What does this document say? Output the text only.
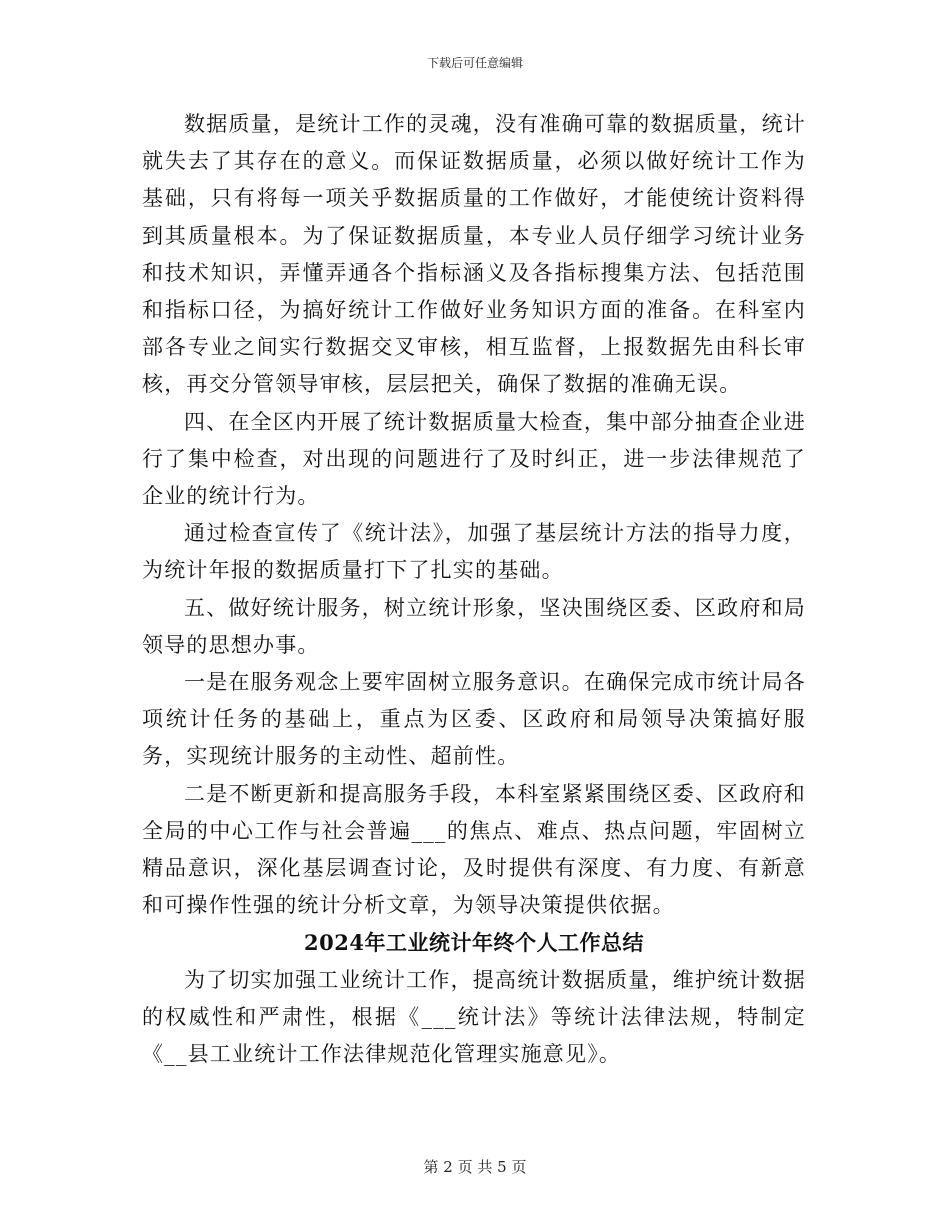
下载后可任意编辑

数据质量，是统计工作的灵魂，没有准确可靠的数据质量，统计就失去了其存在的意义。而保证数据质量，必须以做好统计工作为基础，只有将每一项关乎数据质量的工作做好，才能使统计资料得到其质量根本。为了保证数据质量，本专业人员仔细学习统计业务和技术知识，弄懂弄通各个指标涵义及各指标搜集方法、包括范围和指标口径，为搞好统计工作做好业务知识方面的准备。在科室内部各专业之间实行数据交叉审核，相互监督，上报数据先由科长审核，再交分管领导审核，层层把关，确保了数据的准确无误。

四、在全区内开展了统计数据质量大检查，集中部分抽查企业进行了集中检查，对出现的问题进行了及时纠正，进一步法律规范了企业的统计行为。

通过检查宣传了《统计法》，加强了基层统计方法的指导力度，为统计年报的数据质量打下了扎实的基础。

五、做好统计服务，树立统计形象，坚决围绕区委、区政府和局领导的思想办事。

一是在服务观念上要牢固树立服务意识。在确保完成市统计局各项统计任务的基础上，重点为区委、区政府和局领导决策搞好服务，实现统计服务的主动性、超前性。

二是不断更新和提高服务手段，本科室紧紧围绕区委、区政府和全局的中心工作与社会普遍___的焦点、难点、热点问题，牢固树立精品意识，深化基层调查讨论，及时提供有深度、有力度、有新意和可操作性强的统计分析文章，为领导决策提供依据。

2024年工业统计年终个人工作总结

为了切实加强工业统计工作，提高统计数据质量，维护统计数据的权威性和严肃性，根据《___统计法》等统计法律法规，特制定《__县工业统计工作法律规范化管理实施意见》。

第 2 页 共 5 页
